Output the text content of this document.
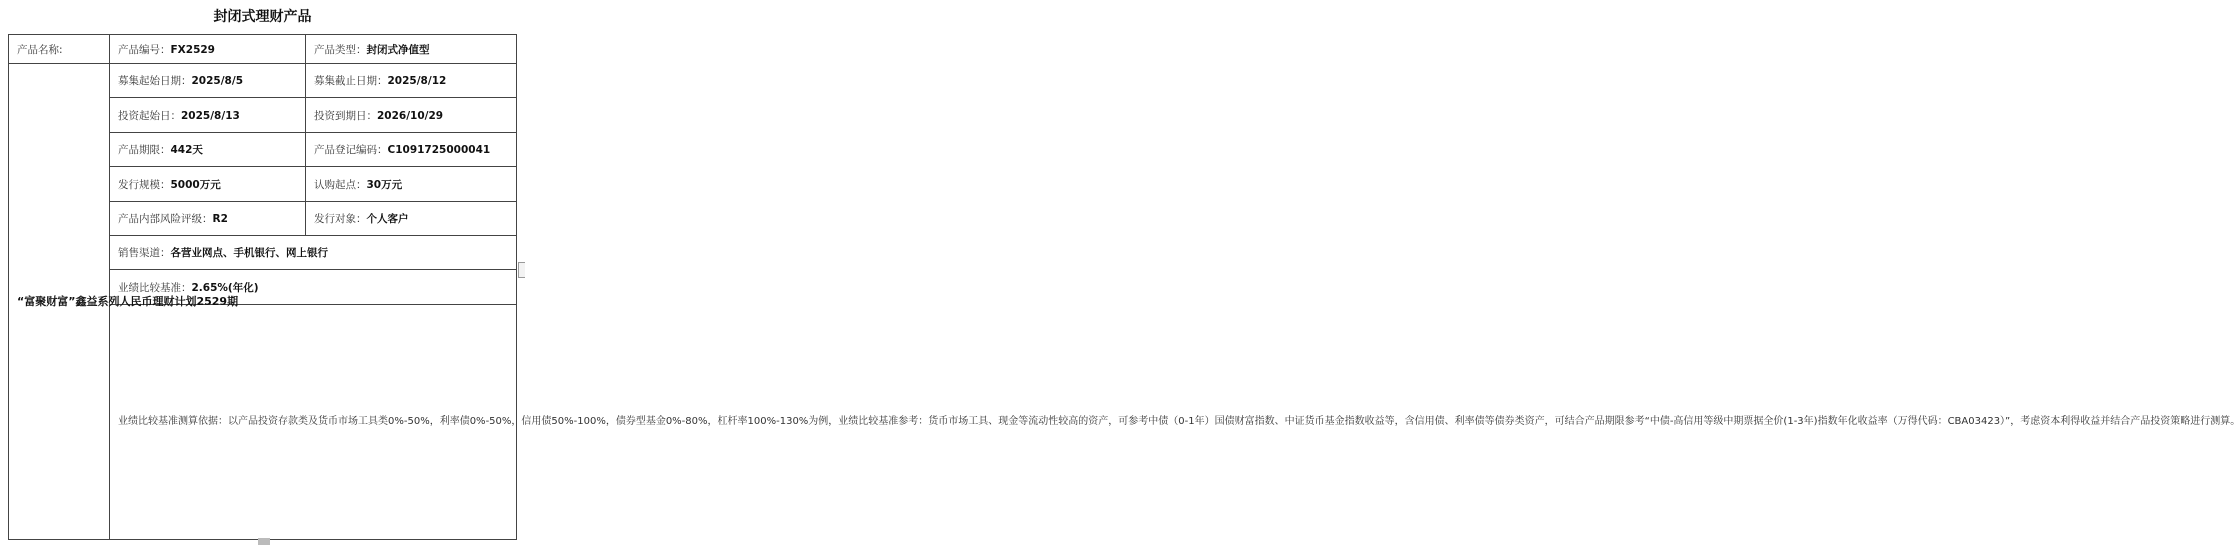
封闭式理财产品
产品名称:	产品编号：FX2529	产品类型：封闭式净值型
“富聚财富”鑫益系列人民币理财计划2529期	募集起始日期：2025/8/5	募集截止日期：2025/8/12
	投资起始日：2025/8/13	投资到期日：2026/10/29
	产品期限：442天	产品登记编码：C1091725000041
	发行规模：5000万元	认购起点：30万元
	产品内部风险评级：R2	发行对象：个人客户
	销售渠道：各营业网点、手机银行、网上银行	
	业绩比较基准：2.65%(年化)	
	业绩比较基准测算依据：以产品投资存款类及货币市场工具类0%-50%，利率债0%-50%，信用债50%-100%，债券型基金0%-80%，杠杆率100%-130%为例，业绩比较基准参考：货币市场工具、现金等流动性较高的资产，可参考中债（0-1年）国债财富指数、中证货币基金指数收益等，含信用债、利率债等债券类资产，可结合产品期限参考“中债-高信用等级中期票据全价(1-3年)指数年化收益率（万得代码：CBA03423）”，考虑资本利得收益并结合产品投资策略进行测算。	
